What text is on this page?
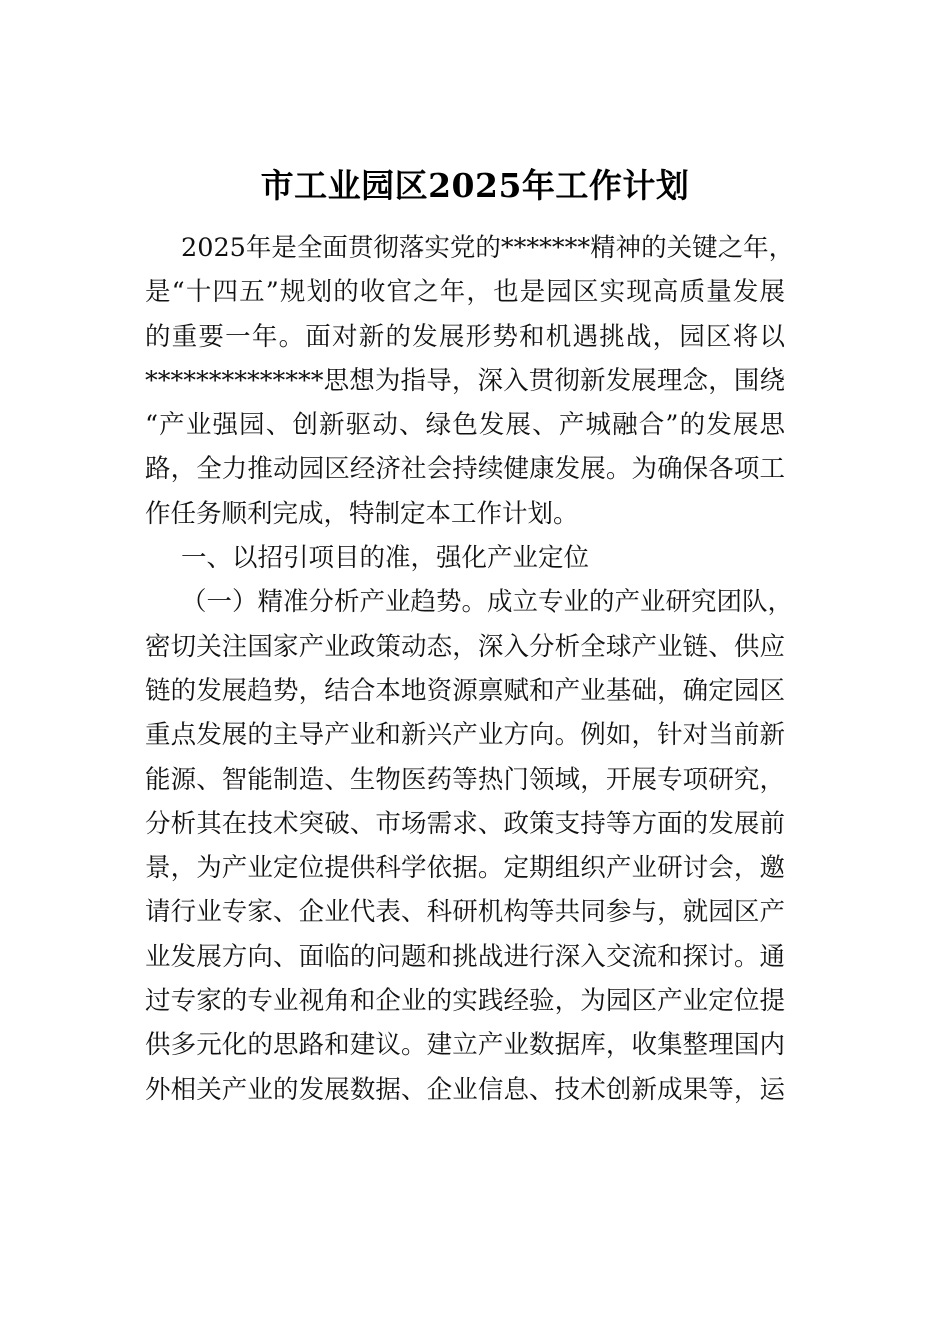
市工业园区2025年工作计划
2025年是全面贯彻落实党的*******精神的关键之年，
是“十四五”规划的收官之年，也是园区实现高质量发展
的重要一年。面对新的发展形势和机遇挑战，园区将以
**************思想为指导，深入贯彻新发展理念，围绕
“产业强园、创新驱动、绿色发展、产城融合”的发展思
路，全力推动园区经济社会持续健康发展。为确保各项工
作任务顺利完成，特制定本工作计划。
一、以招引项目的准，强化产业定位
（一）精准分析产业趋势。成立专业的产业研究团队，
密切关注国家产业政策动态，深入分析全球产业链、供应
链的发展趋势，结合本地资源禀赋和产业基础，确定园区
重点发展的主导产业和新兴产业方向。例如，针对当前新
能源、智能制造、生物医药等热门领域，开展专项研究，
分析其在技术突破、市场需求、政策支持等方面的发展前
景，为产业定位提供科学依据。定期组织产业研讨会，邀
请行业专家、企业代表、科研机构等共同参与，就园区产
业发展方向、面临的问题和挑战进行深入交流和探讨。通
过专家的专业视角和企业的实践经验，为园区产业定位提
供多元化的思路和建议。建立产业数据库，收集整理国内
外相关产业的发展数据、企业信息、技术创新成果等，运
